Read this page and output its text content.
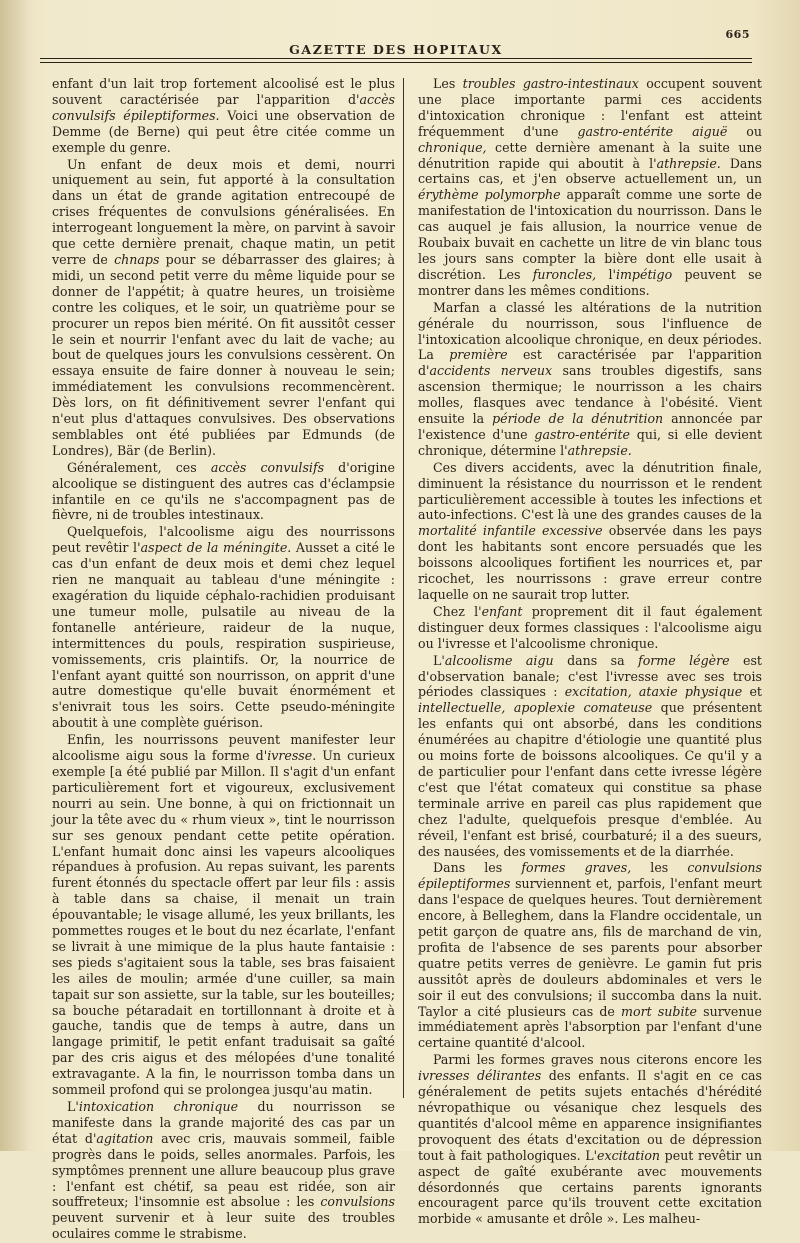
665
GAZETTE DES HOPITAUX

enfant d'un lait trop fortement alcoolisé est le plus souvent caractérisée par l'apparition d'accès convulsifs épileptiformes. Voici une observation de Demme (de Berne) qui peut être citée comme un exemple du genre.

Un enfant de deux mois et demi, nourri uniquement au sein, fut apporté à la consultation dans un état de grande agitation entrecoupé de crises fréquentes de convulsions généralisées. En interrogeant longuement la mère, on parvint à savoir que cette dernière prenait, chaque matin, un petit verre de chnaps pour se débarrasser des glaires; à midi, un second petit verre du même liquide pour se donner de l'appétit; à quatre heures, un troisième contre les coliques, et le soir, un quatrième pour se procurer un repos bien mérité. On fit aussitôt cesser le sein et nourrir l'enfant avec du lait de vache; au bout de quelques jours les convulsions cessèrent. On essaya ensuite de faire donner à nouveau le sein; immédiatement les convulsions recommencèrent. Dès lors, on fit définitivement sevrer l'enfant qui n'eut plus d'attaques convulsives. Des observations semblables ont été publiées par Edmunds (de Londres), Bär (de Berlin).

Généralement, ces accès convulsifs d'origine alcoolique se distinguent des autres cas d'éclampsie infantile en ce qu'ils ne s'accompagnent pas de fièvre, ni de troubles intestinaux.

Quelquefois, l'alcoolisme aigu des nourrissons peut revêtir l'aspect de la méningite. Ausset a cité le cas d'un enfant de deux mois et demi chez lequel rien ne manquait au tableau d'une méningite : exagération du liquide céphalo-rachidien produisant une tumeur molle, pulsatile au niveau de la fontanelle antérieure, raideur de la nuque, intermittences du pouls, respiration suspirieuse, vomissements, cris plaintifs. Or, la nourrice de l'enfant ayant quitté son nourrisson, on apprit d'une autre domestique qu'elle buvait énormément et s'enivrait tous les soirs. Cette pseudo-méningite aboutit à une complète guérison.

Enfin, les nourrissons peuvent manifester leur alcoolisme aigu sous la forme d'ivresse. Un curieux exemple [a été publié par Millon. Il s'agit d'un enfant particulièrement fort et vigoureux, exclusivement nourri au sein. Une bonne, à qui on frictionnait un jour la tête avec du « rhum vieux », tint le nourrisson sur ses genoux pendant cette petite opération. L'enfant humait donc ainsi les vapeurs alcooliques répandues à profusion. Au repas suivant, les parents furent étonnés du spectacle offert par leur fils : assis à table dans sa chaise, il menait un train épouvantable; le visage allumé, les yeux brillants, les pommettes rouges et le bout du nez écarlate, l'enfant se livrait à une mimique de la plus haute fantaisie : ses pieds s'agitaient sous la table, ses bras faisaient les ailes de moulin; armée d'une cuiller, sa main tapait sur son assiette, sur la table, sur les bouteilles; sa bouche pétaradait en tortillonnant à droite et à gauche, tandis que de temps à autre, dans un langage primitif, le petit enfant traduisait sa gaîté par des cris aigus et des mélopées d'une tonalité extravagante. A la fin, le nourrisson tomba dans un sommeil profond qui se prolongea jusqu'au matin.

L'intoxication chronique du nourrisson se manifeste dans la grande majorité des cas par un état d'agitation avec cris, mauvais sommeil, faible progrès dans le poids, selles anormales. Parfois, les symptômes prennent une allure beaucoup plus grave : l'enfant est chétif, sa peau est ridée, son air souffreteux; l'insomnie est absolue : les convulsions peuvent survenir et à leur suite des troubles oculaires comme le strabisme.

Les troubles gastro-intestinaux occupent souvent une place importante parmi ces accidents d'intoxication chronique : l'enfant est atteint fréquemment d'une gastro-entérite aiguë ou chronique, cette dernière amenant à la suite une dénutrition rapide qui aboutit à l'athrepsie. Dans certains cas, et j'en observe actuellement un, un érythème polymorphe apparaît comme une sorte de manifestation de l'intoxication du nourrisson. Dans le cas auquel je fais allusion, la nourrice venue de Roubaix buvait en cachette un litre de vin blanc tous les jours sans compter la bière dont elle usait à discrétion. Les furoncles, l'impétigo peuvent se montrer dans les mêmes conditions.

Marfan a classé les altérations de la nutrition générale du nourrisson, sous l'influence de l'intoxication alcoolique chronique, en deux périodes. La première est caractérisée par l'apparition d'accidents nerveux sans troubles digestifs, sans ascension thermique; le nourrisson a les chairs molles, flasques avec tendance à l'obésité. Vient ensuite la période de la dénutrition annoncée par l'existence d'une gastro-entérite qui, si elle devient chronique, détermine l'athrepsie.

Ces divers accidents, avec la dénutrition finale, diminuent la résistance du nourrisson et le rendent particulièrement accessible à toutes les infections et auto-infections. C'est là une des grandes causes de la mortalité infantile excessive observée dans les pays dont les habitants sont encore persuadés que les boissons alcooliques fortifient les nourrices et, par ricochet, les nourrissons : grave erreur contre laquelle on ne saurait trop lutter.

Chez l'enfant proprement dit il faut également distinguer deux formes classiques : l'alcoolisme aigu ou l'ivresse et l'alcoolisme chronique.

L'alcoolisme aigu dans sa forme légère est d'observation banale; c'est l'ivresse avec ses trois périodes classiques : excitation, ataxie physique et intellectuelle, apoplexie comateuse que présentent les enfants qui ont absorbé, dans les conditions énumérées au chapitre d'étiologie une quantité plus ou moins forte de boissons alcooliques. Ce qu'il y a de particulier pour l'enfant dans cette ivresse légère c'est que l'état comateux qui constitue sa phase terminale arrive en pareil cas plus rapidement que chez l'adulte, quelquefois presque d'emblée. Au réveil, l'enfant est brisé, courbaturé; il a des sueurs, des nausées, des vomissements et de la diarrhée.

Dans les formes graves, les convulsions épileptiformes surviennent et, parfois, l'enfant meurt dans l'espace de quelques heures. Tout dernièrement encore, à Belleghem, dans la Flandre occidentale, un petit garçon de quatre ans, fils de marchand de vin, profita de l'absence de ses parents pour absorber quatre petits verres de genièvre. Le gamin fut pris aussitôt après de douleurs abdominales et vers le soir il eut des convulsions; il succomba dans la nuit. Taylor a cité plusieurs cas de mort subite survenue immédiatement après l'absorption par l'enfant d'une certaine quantité d'alcool.

Parmi les formes graves nous citerons encore les ivresses délirantes des enfants. Il s'agit en ce cas généralement de petits sujets entachés d'hérédité névropathique ou vésanique chez lesquels des quantités d'alcool même en apparence insignifiantes provoquent des états d'excitation ou de dépression tout à fait pathologiques. L'excitation peut revêtir un aspect de gaîté exubérante avec mouvements désordonnés que certains parents ignorants encouragent parce qu'ils trouvent cette excitation morbide « amusante et drôle ». Les malheu-
